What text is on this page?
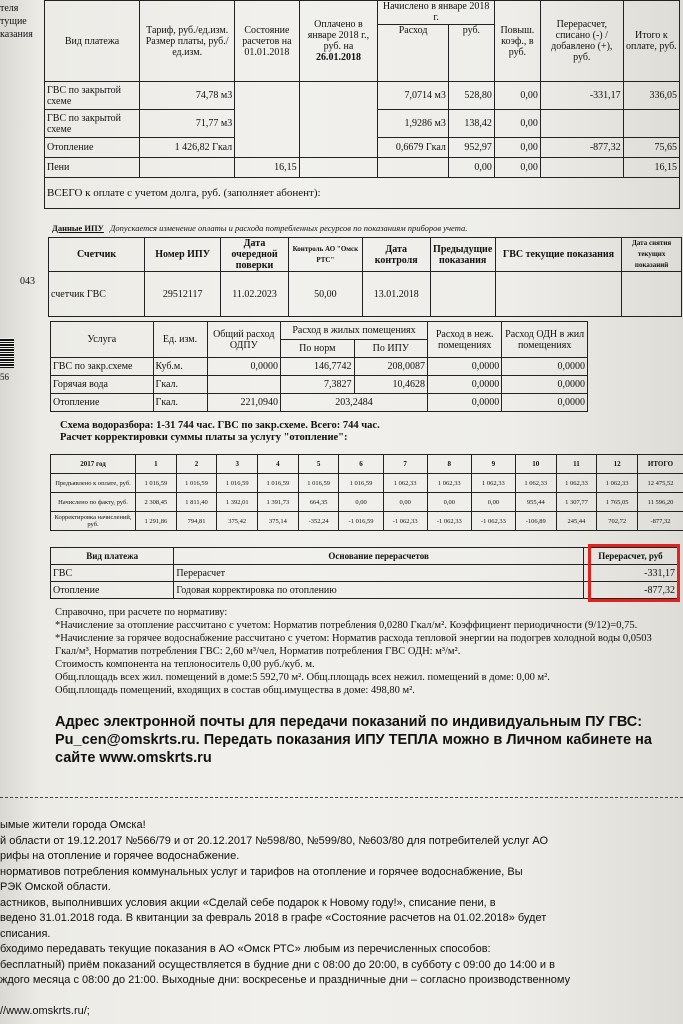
теля
тущие
казания
043
56
Вид платежа	Тариф, руб./ед.изм. Размер платы, руб./ед.изм.	Состояние расчетов на 01.01.2018	Оплачено в январе 2018 г., руб. на
26.01.2018	Начислено в январе 2018 г.		Повыш. коэф., в руб.	Перерасчет, списано (-) / добавлено (+), руб.	Итого к оплате, руб.
				Расход	руб.			
ГВС по закрытой схеме	74,78 м3			7,0714 м3	528,80	0,00	-331,17	336,05
ГВС по закрытой схеме	71,77 м3			1,9286 м3	138,42	0,00		
Отопление	1 426,82 Гкал			0,6679 Гкал	952,97	0,00	-877,32	75,65
Пени		16,15			0,00	0,00		16,15
ВСЕГО к оплате с учетом долга, руб. (заполняет абонент):								
Данные ИПУ Допускается изменение оплаты и расхода потребленных ресурсов по показаниям приборов учета.
Счетчик	Номер ИПУ	Дата очередной поверки	Контроль АО "Омск РТС"	Дата контроля	Предыдущие показания	ГВС текущие показания	Дата снятия текущих показаний
счетчик ГВС	29512117	11.02.2023	50,00	13.01.2018			
Услуга	Ед. изм.	Общий расход ОДПУ	Расход в жилых помещениях		Расход в неж. помещениях	Расход ОДН в жил помещениях
			По норм	По ИПУ		
ГВС по закр.схеме	Куб.м.	0,0000	146,7742	208,0087	0,0000	0,0000
Горячая вода	Гкал.		7,3827	10,4628	0,0000	0,0000
Отопление	Гкал.	221,0940	203,2484		0,0000	0,0000
Схема водоразбора: 1-31 744 час. ГВС по закр.схеме. Всего: 744 час.
Расчет корректировки суммы платы за услугу "отопление":
2017 год	1	2	3	4	5	6	7	8	9	10	11	12	ИТОГО
Предъявлено к оплате, руб.	1 016,59	1 016,59	1 016,59	1 016,59	1 016,59	1 016,59	1 062,33	1 062,33	1 062,33	1 062,33	1 062,33	1 062,33	12 475,52
Начислено по факту, руб.	2 308,45	1 811,40	1 392,01	1 391,73	664,35	0,00	0,00	0,00	0,00	955,44	1 307,77	1 765,05	11 596,20
Корректировка начислений, руб.	1 291,86	794,81	375,42	375,14	-352,24	-1 016,59	-1 062,33	-1 062,33	-1 062,33	-106,89	245,44	702,72	-877,32
Вид платежа	Основание перерасчетов	Перерасчет, руб
ГВС	Перерасчет	-331,17
Отопление	Годовая корректировка по отоплению	-877,32
Справочно, при расчете по нормативу:
*Начисление за отопление рассчитано с учетом: Норматив потребления 0,0280 Гкал/м². Коэффициент периодичности (9/12)=0,75.
*Начисление за горячее водоснабжение рассчитано с учетом: Норматив расхода тепловой энергии на подогрев холодной воды 0,0503 Гкал/м³, Норматив потребления ГВС: 2,60 м³/чел, Норматив потребления ГВС ОДН: м³/м².
Стоимость компонента на теплоноситель 0,00 руб./куб. м.
Общ.площадь всех жил. помещений в доме:5 592,70 м². Общ.площадь всех нежил. помещений в доме: 0,00 м².
Общ.площадь помещений, входящих в состав общ.имущества в доме: 498,80 м².
Адрес электронной почты для передачи показаний по индивидуальным ПУ ГВС: Pu_cen@omskrts.ru. Передать показания ИПУ ТЕПЛА можно в Личном кабинете на сайте www.omskrts.ru
ымые жители города Омска!
й области от 19.12.2017 №566/79 и от 20.12.2017 №598/80, №599/80, №603/80 для потребителей услуг АО
рифы на отопление и горячее водоснабжение.
нормативов потребления коммунальных услуг и тарифов на отопление и горячее водоснабжение, Вы
РЭК Омской области.
астников, выполнивших условия акции «Сделай себе подарок к Новому году!», списание пени, в
ведено 31.01.2018 года. В квитанции за февраль 2018 в графе «Состояние расчетов на 01.02.2018» будет
списания.
бходимо передавать текущие показания в АО «Омск РТС» любым из перечисленных способов:
бесплатный) приём показаний осуществляется в будние дни с 08:00 до 20:00, в субботу с 09:00 до 14:00 и в
ждого месяца с 08:00 до 21:00. Выходные дни: воскресенье и праздничные дни – согласно производственному
//www.omskrts.ru/;
